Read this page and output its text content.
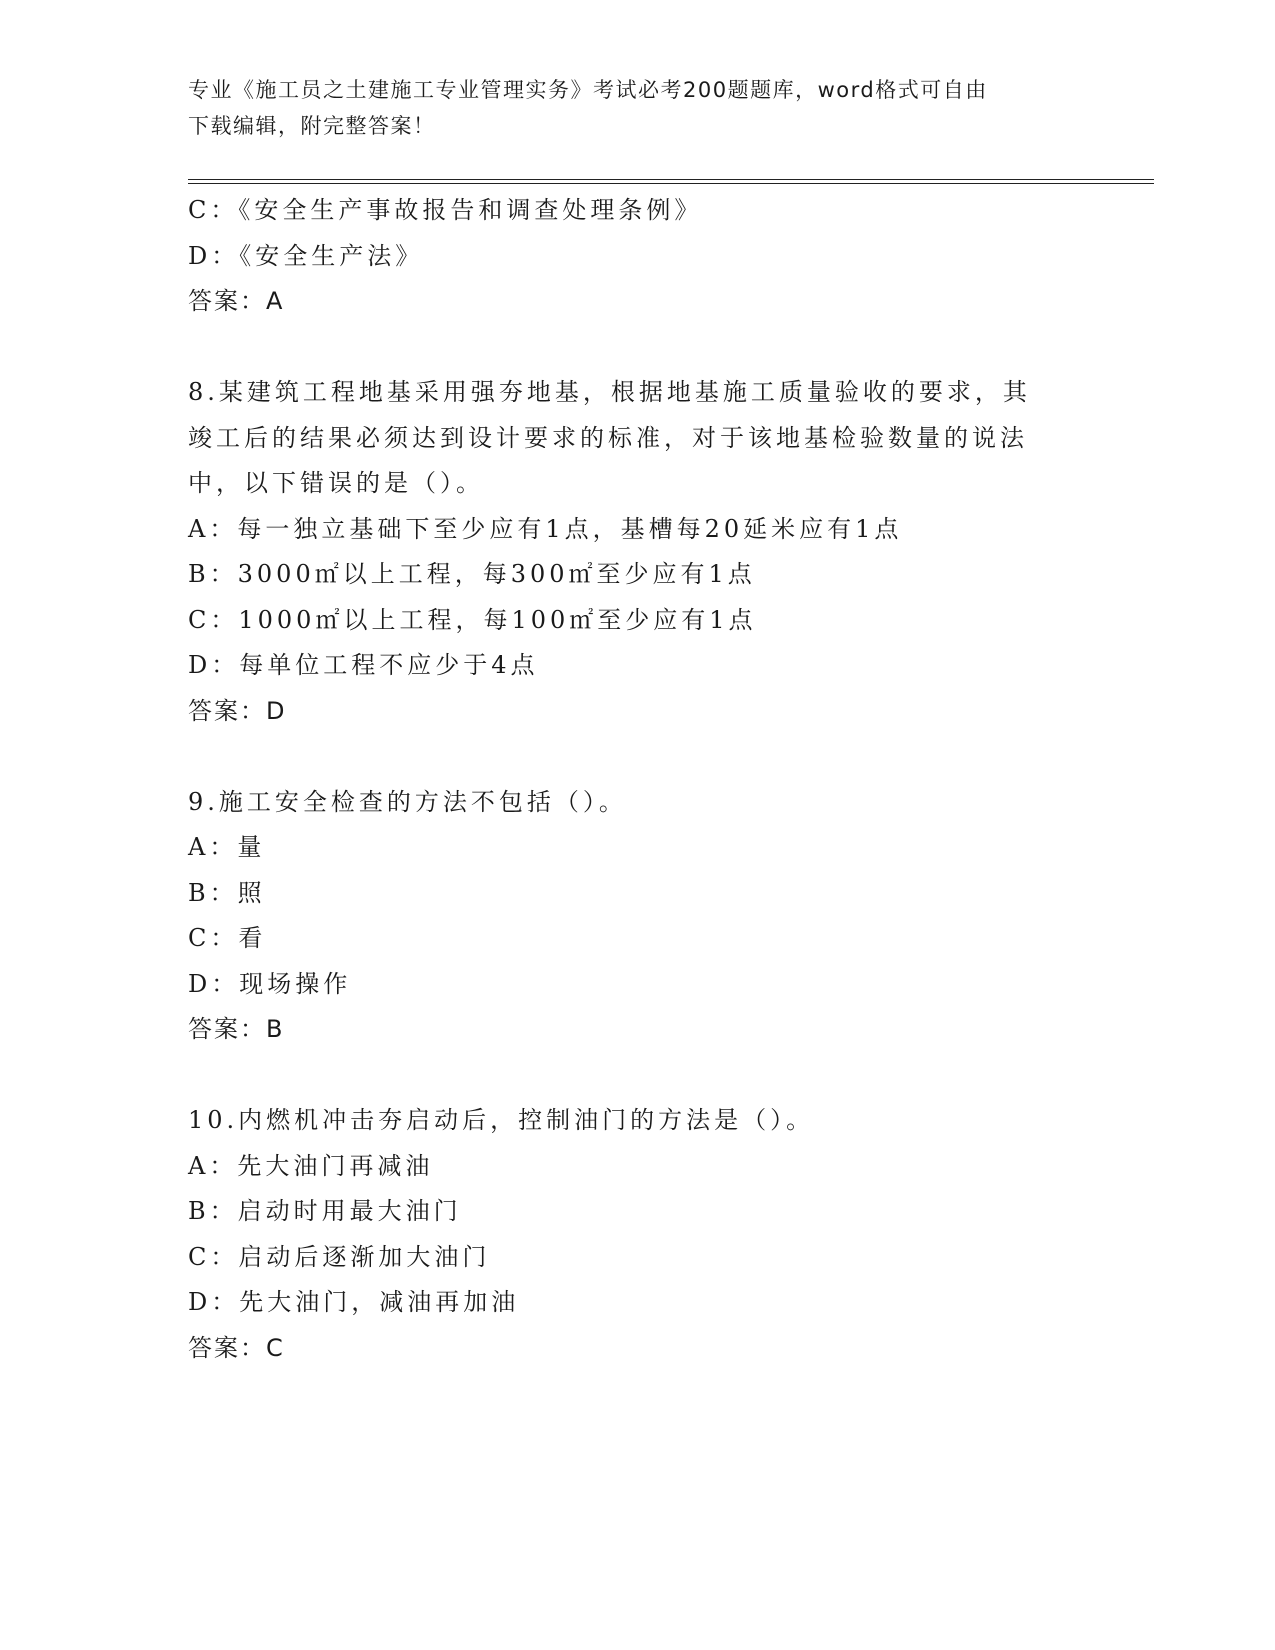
专业《施工员之土建施工专业管理实务》考试必考200题题库，word格式可自由
下载编辑，附完整答案！
C：《安全生产事故报告和调查处理条例》
D：《安全生产法》
答案：A
8.某建筑工程地基采用强夯地基，根据地基施工质量验收的要求，其
竣工后的结果必须达到设计要求的标准，对于该地基检验数量的说法
中，以下错误的是（）。
A：每一独立基础下至少应有1点，基槽每20延米应有1点
B：3000㎡以上工程，每300㎡至少应有1点
C：1000㎡以上工程，每100㎡至少应有1点
D：每单位工程不应少于4点
答案：D
9.施工安全检查的方法不包括（）。
A：量
B：照
C：看
D：现场操作
答案：B
10.内燃机冲击夯启动后，控制油门的方法是（）。
A：先大油门再减油
B：启动时用最大油门
C：启动后逐渐加大油门
D：先大油门，减油再加油
答案：C
